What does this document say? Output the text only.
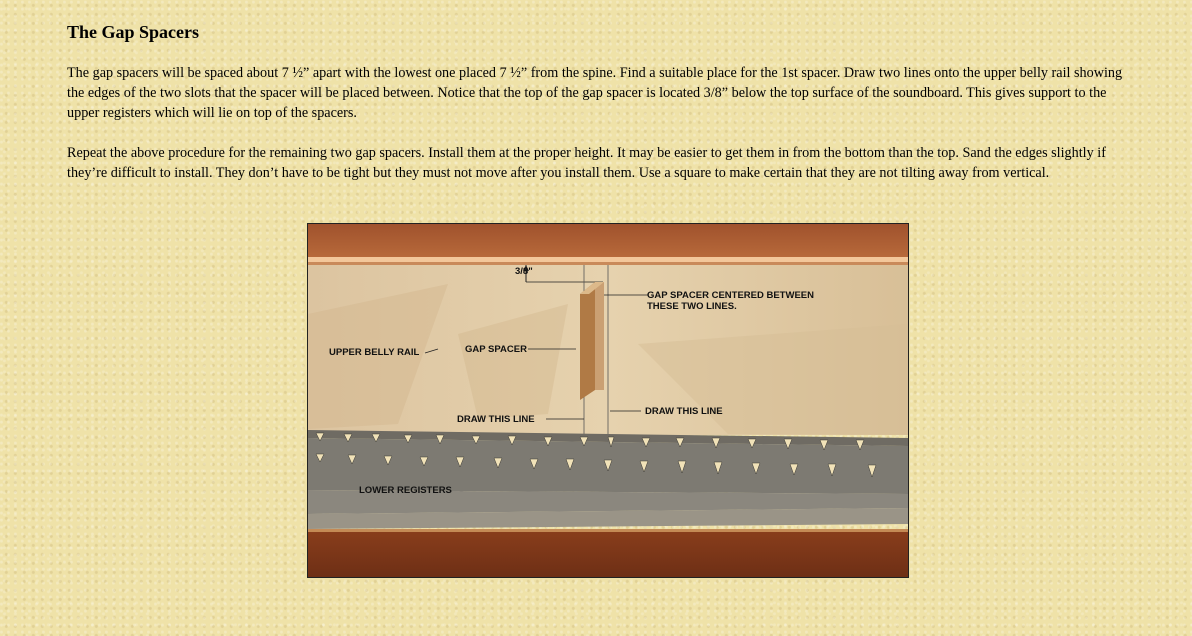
The Gap Spacers

The gap spacers will be spaced about 7 ½” apart with the lowest one placed 7 ½” from the spine. Find a suitable place for the 1st spacer. Draw two lines onto the upper belly rail showing the edges of the two slots that the spacer will be placed between. Notice that the top of the gap spacer is located 3/8” below the top surface of the soundboard. This gives support to the upper registers which will lie on top of the spacers.

Repeat the above procedure for the remaining two gap spacers. Install them at the proper height. It may be easier to get them in from the bottom than the top. Sand the edges slightly if they’re difficult to install. They don’t have to be tight but they must not move after you install them. Use a square to make certain that they are not tilting away from vertical.

3/8"
GAP SPACER CENTERED BETWEEN
THESE TWO LINES.
UPPER BELLY RAIL	GAP SPACER
DRAW THIS LINE
DRAW THIS LINE
LOWER REGISTERS
